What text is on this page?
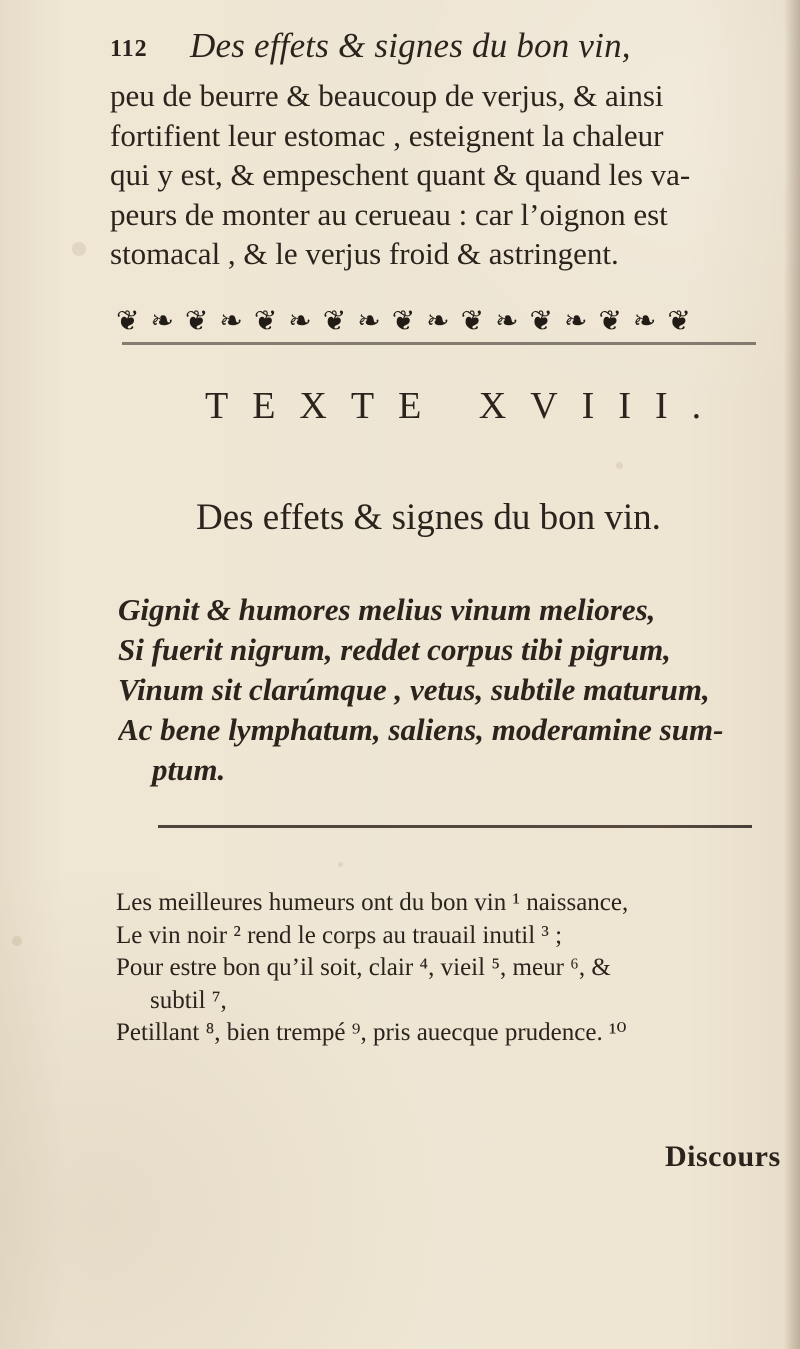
112 Des effets & signes du bon vin,
peu de beurre & beaucoup de verjus, & ainsi
fortifient leur estomac , esteignent la chaleur
qui y est, & empeschent quant & quand les va-
peurs de monter au cerueau : car l’oignon est
stomacal , & le verjus froid & astringent.
❦ ❧ ❦ ❧ ❦ ❧ ❦ ❧ ❦ ❧ ❦ ❧ ❦ ❧ ❦ ❧ ❦
TEXTE XVIII.
Des effets & signes du bon vin.
Gignit & humores melius vinum meliores,
Si fuerit nigrum, reddet corpus tibi pigrum,
Vinum sit clarúmque , vetus, subtile maturum,
Ac bene lymphatum, saliens, moderamine sum-
ptum.
Les meilleures humeurs ont du bon vin ¹ naissance,
Le vin noir ² rend le corps au trauail inutil ³ ;
Pour estre bon qu’il soit, clair ⁴, vieil ⁵, meur ⁶, &
subtil ⁷,
Petillant ⁸, bien trempé ⁹, pris auecque prudence. ¹⁰
Discours
